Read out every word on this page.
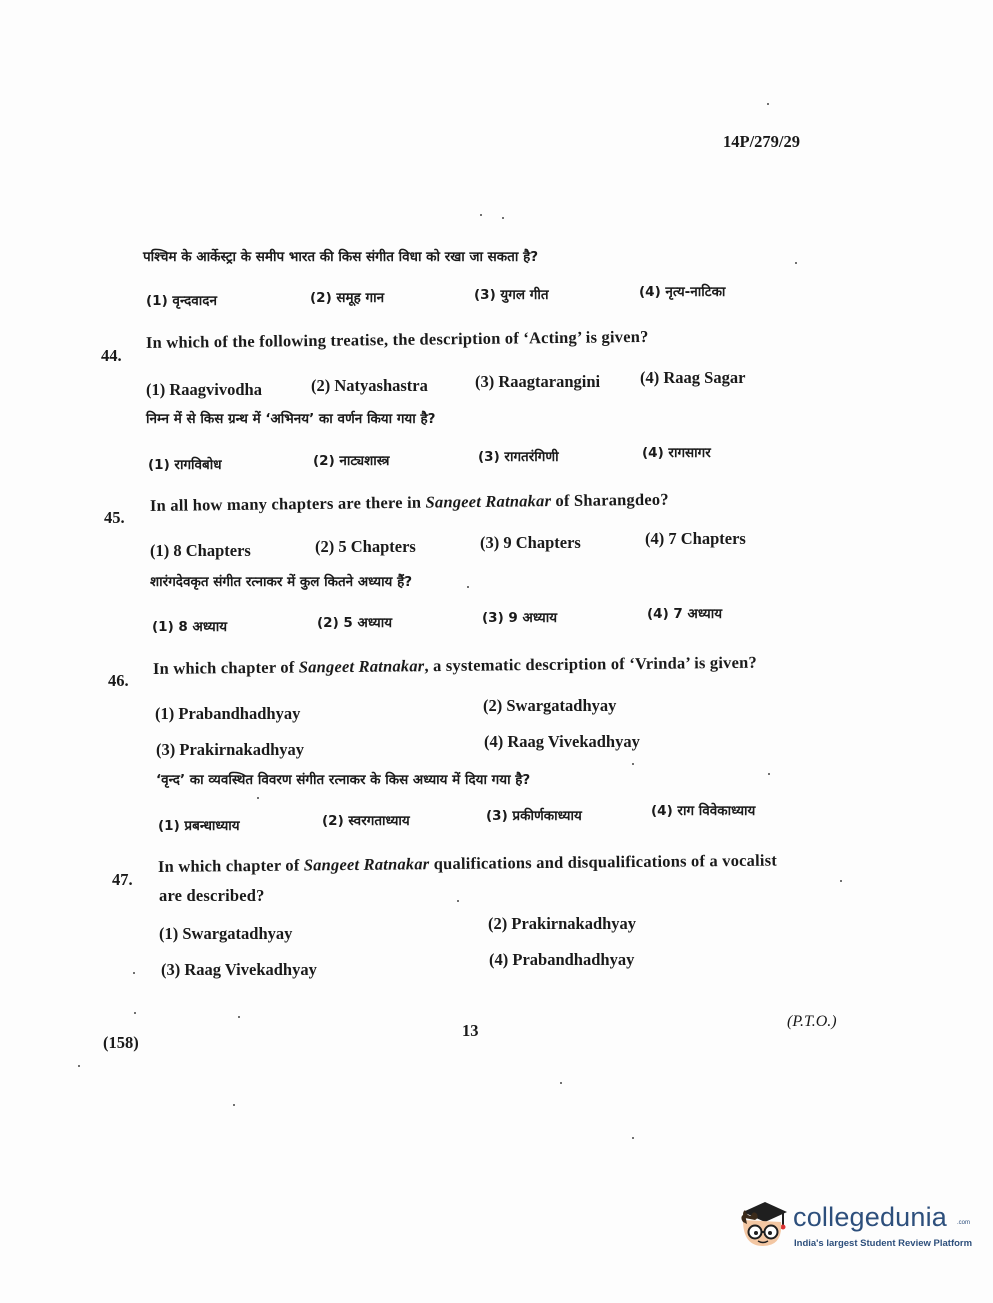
14P/279/29
पश्चिम के आर्केस्ट्रा के समीप भारत की किस संगीत विधा को रखा जा सकता है?
(1) वृन्दवादन	(2) समूह गान	(3) युगल गीत	(4) नृत्य-नाटिका
44.
In which of the following treatise, the description of ‘Acting’ is given?
(1) Raagvivodha	(2) Natyashastra	(3) Raagtarangini (4) Raag Sagar
निम्न में से किस ग्रन्थ में ‘अभिनय’ का वर्णन किया गया है?
(1) रागविबोध	(2) नाट्यशास्त्र	(3) रागतरंगिणी	(4) रागसागर
45.
In all how many chapters are there in Sangeet Ratnakar of Sharangdeo?
(1) 8 Chapters	(2) 5 Chapters	(3) 9 Chapters	(4) 7 Chapters
शारंगदेवकृत संगीत रत्नाकर में कुल कितने अध्याय हैं?
(1) 8 अध्याय	(2) 5 अध्याय	(3) 9 अध्याय	(4) 7 अध्याय
46.
In which chapter of Sangeet Ratnakar, a systematic description of ‘Vrinda’ is given?
(1) Prabandhadhyay	(2) Swargatadhyay
(3) Prakirnakadhyay	(4) Raag Vivekadhyay
‘वृन्द’ का व्यवस्थित विवरण संगीत रत्नाकर के किस अध्याय में दिया गया है?
(1) प्रबन्धाध्याय	(2) स्वरगताध्याय	(3) प्रकीर्णकाध्याय	(4) राग विवेकाध्याय
47.
In which chapter of Sangeet Ratnakar qualifications and disqualifications of a vocalist
are described?
(1) Swargatadhyay
(2) Prakirnakadhyay
(3) Raag Vivekadhyay
(4) Prabandhadhyay
(158)
13	(P.T.O.)
collegedunia .com
India's largest Student Review Platform
